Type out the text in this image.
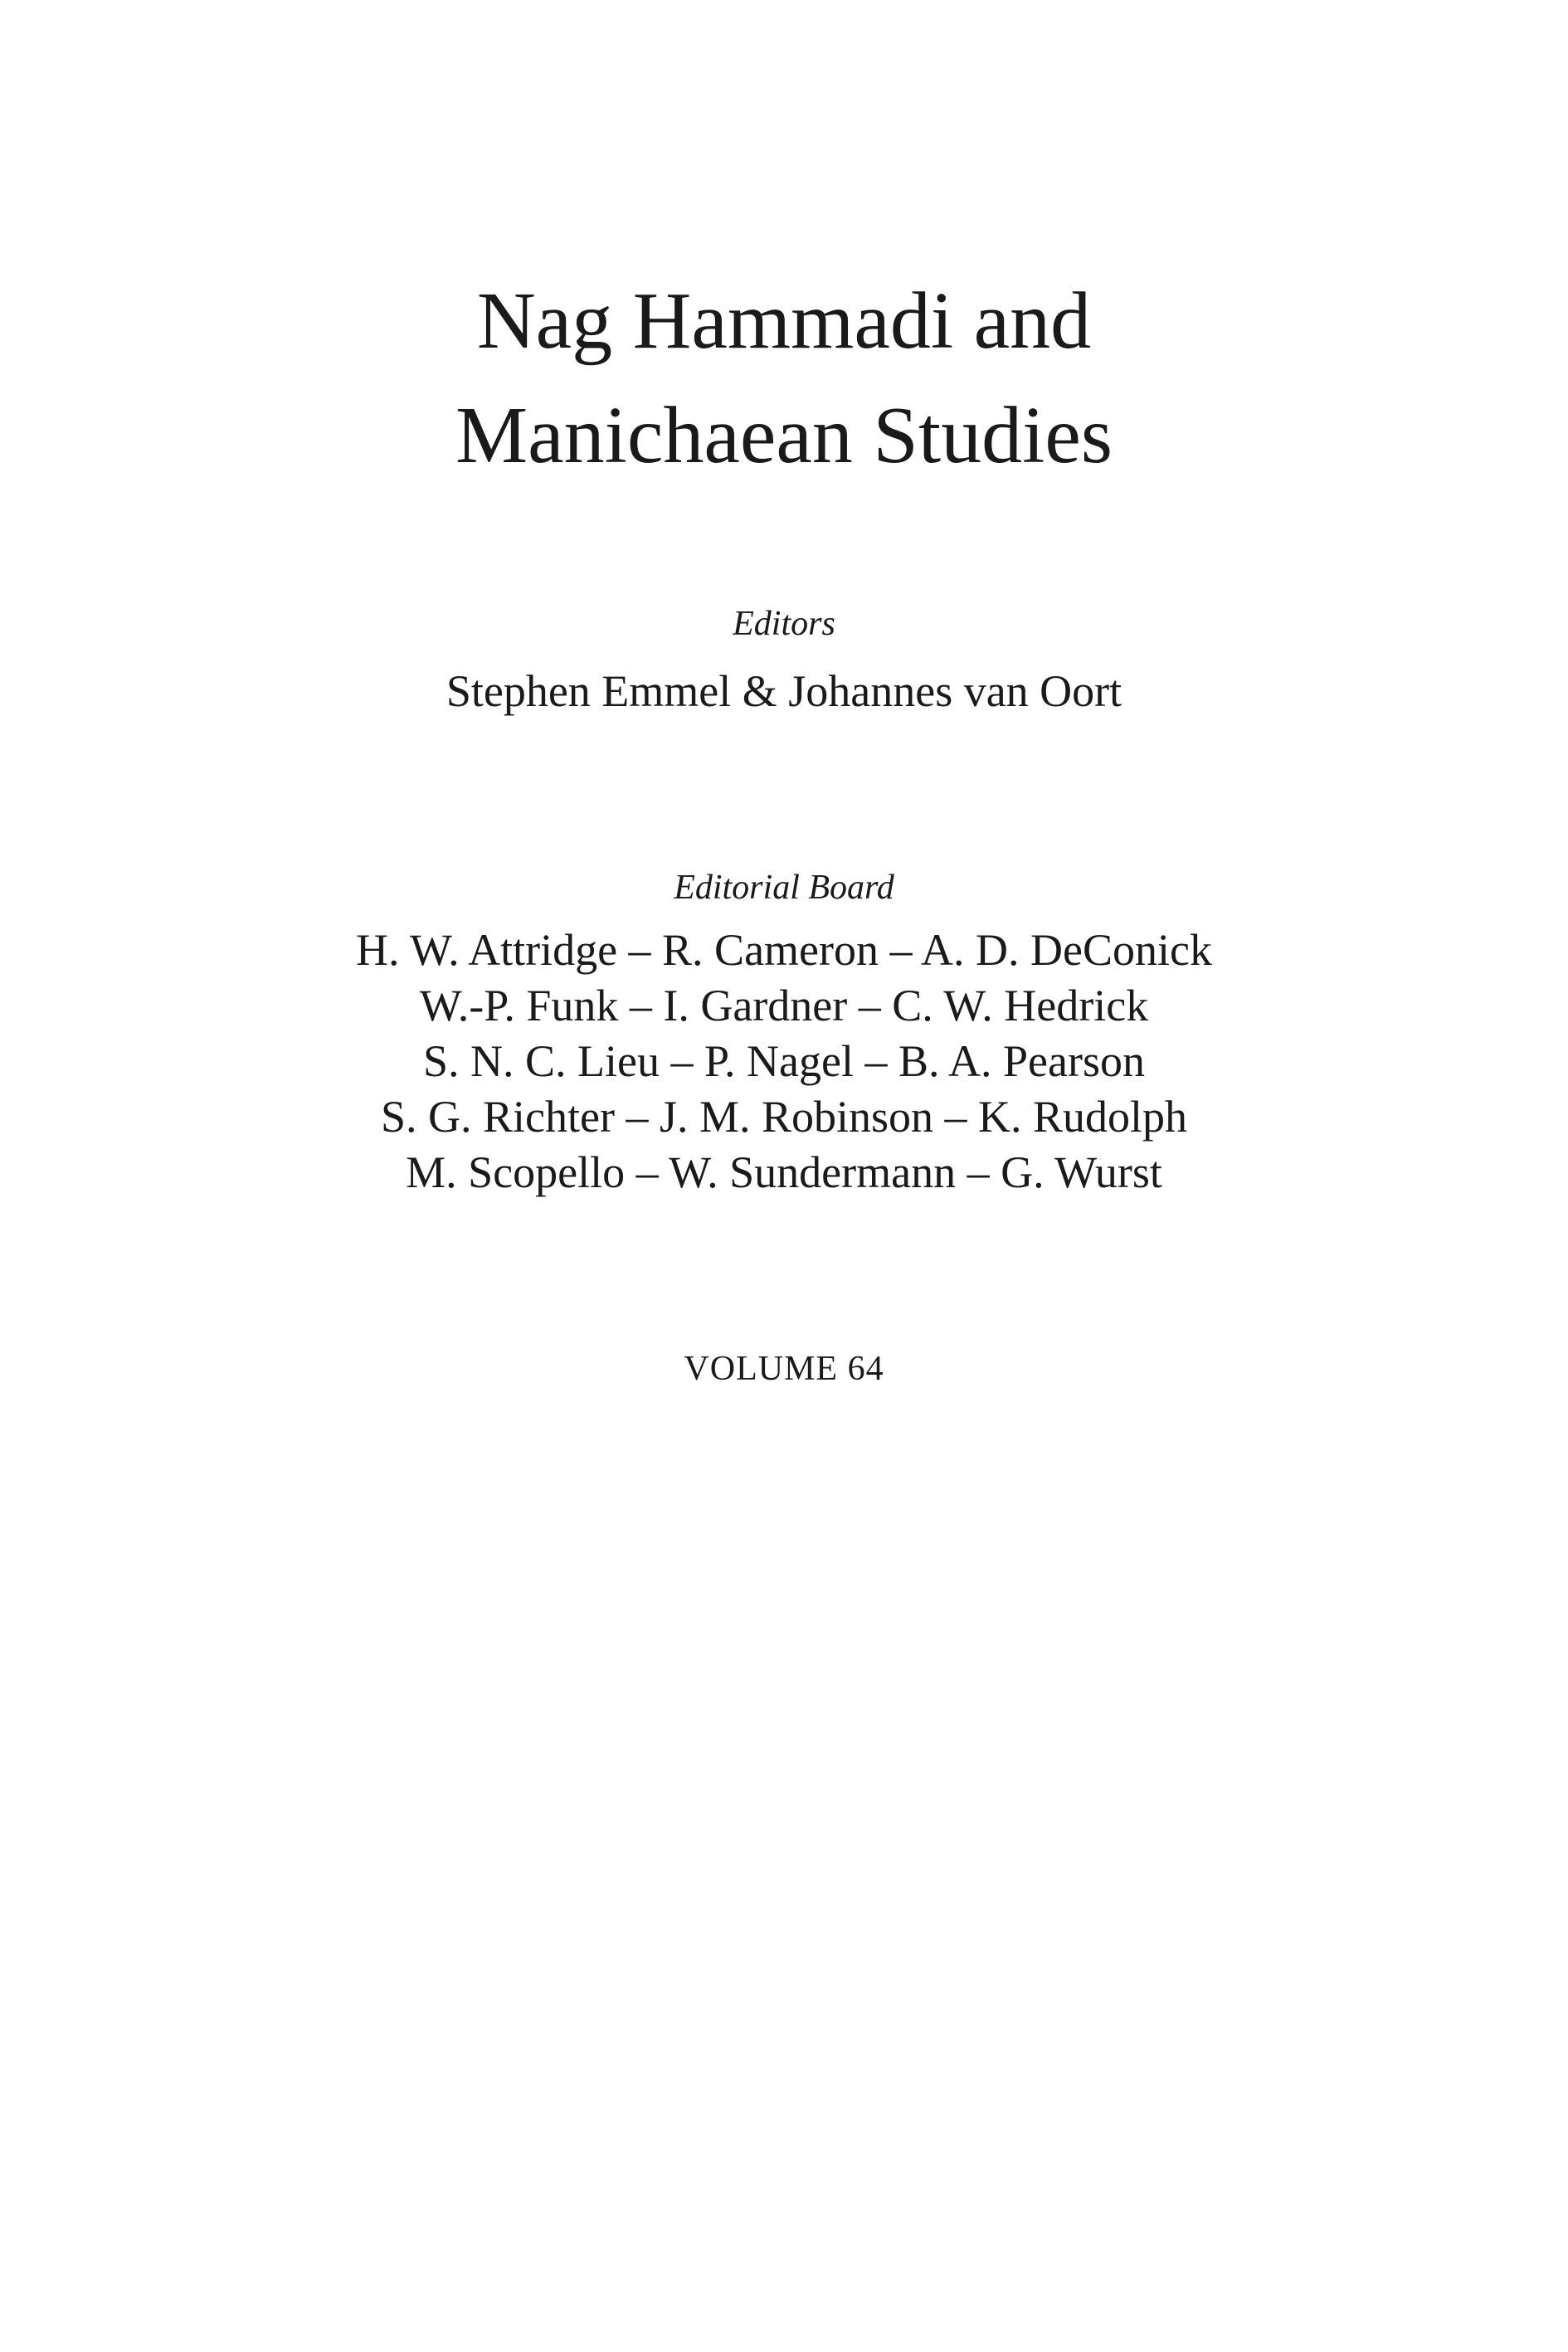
Nag Hammadi and
Manichaean Studies
Editors
Stephen Emmel & Johannes van Oort
Editorial Board
H. W. Attridge – R. Cameron – A. D. DeConick
W.-P. Funk – I. Gardner – C. W. Hedrick
S. N. C. Lieu – P. Nagel – B. A. Pearson
S. G. Richter – J. M. Robinson – K. Rudolph
M. Scopello – W. Sundermann – G. Wurst
VOLUME 64
